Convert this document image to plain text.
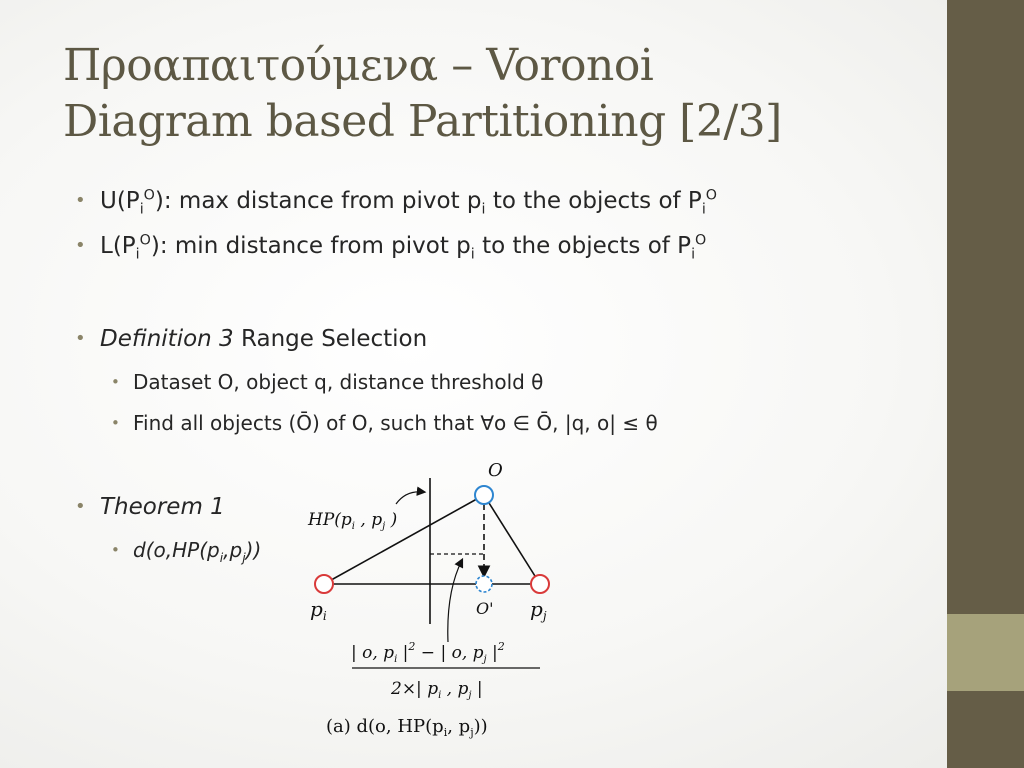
Προαπαιτούμενα – Voronoi
Diagram based Partitioning [2/3]
• $U(P_i^O)$: max distance from pivot $p_i$ to the objects of $P_i^O$
• $L(P_i^O)$: min distance from pivot $p_i$ to the objects of $P_i^O$
• Definition 3 Range Selection
• Dataset O, object q, distance threshold θ
• Find all objects (Ō) of O, such that ∀o ∈ Ō, |q, o| ≤ θ
• Theorem 1
• $d(o,HP(p_i,p_j))$
O
O'
$p_i$	$p_j$
$HP(p_i$ , $p_j$ )
| o, $p_i$ $|^2$ − | o, $p_j$ $|^2$
2×| $p_i$ , $p_j$ |
(a) d(o, $HP(p_i$, $p_j$))
